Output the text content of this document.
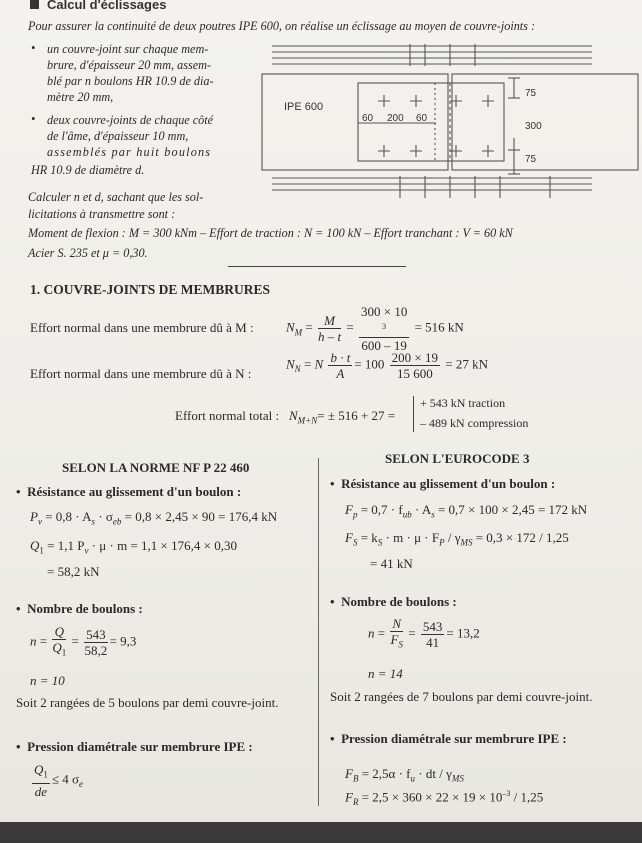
Calcul d'éclissages
Pour assurer la continuité de deux poutres IPE 600, on réalise un éclissage au moyen de couvre-joints :
• un couvre-joint sur chaque mem-
brure, d'épaisseur 20 mm, assem-
blé par n boulons HR 10.9 de dia-
mètre 20 mm,
• deux couvre-joints de chaque côté
de l'âme, d'épaisseur 10 mm,
assemblés par huit boulons
HR 10.9 de diamètre d.
Calculer n et d, sachant que les sol-
licitations à transmettre sont :
Moment de flexion : M = 300 kNm – Effort de traction : N = 100 kN – Effort tranchant : V = 60 kN
Acier S. 235 et μ = 0,30.
IPE 600
60 200 60
75
300
75
1. COUVRE-JOINTS DE MEMBRURES
Effort normal dans une membrure dû à M : $N_M = \frac{M}{h - t} = 300 \times 10$
$^3$
600 – 19 = 516 kN
Effort normal dans une membrure dû à N :
$N_N = N \frac{b \cdot t}{A} = 100 \frac{200 \times 19}{15 600} = 27$ kN
Effort normal total : $N_{M+N}= \pm 516 + 27$ =
+ 543 kN traction
– 489 kN compression
SELON LA NORME NF P 22 460
SELON L'EUROCODE 3
•  Résistance au glissement d'un boulon :
$P_v = 0,8 \cdot A_s \cdot \sigma_{eb} = 0,8 \times 2,45 \times 90 = 176,4$ kN
$Q_1 = 1,1$ $P_v \cdot \mu \cdot m = 1,1 \times 176,4 \times 0,30$
= 58,2 kN
•  Nombre de boulons :
$n = \frac{Q}{Q_1} = \frac{543}{58,2} = 9,3$
n = 10
Soit 2 rangées de 5 boulons par demi couvre-joint.
•  Pression diamétrale sur membrure IPE :
$\frac{Q_1}{de} \le 4$ $\sigma_e$
•  Résistance au glissement d'un boulon :
$F_p = 0,7 \cdot f_{ub} \cdot A_s = 0,7 \times 100 \times 2,45 = 172$ kN
$F_S = k_S \cdot m \cdot \mu \cdot F_P / \gamma_{MS} = 0,3 \times 172 / 1,25$
= 41 kN
•  Nombre de boulons :
$n = \frac{N}{F_S} = \frac{543}{41} = 13,2$
n = 14
Soit 2 rangées de 7 boulons par demi couvre-joint.
•  Pression diamétrale sur membrure IPE :
$F_B = 2,5\alpha \cdot f_u$ · dt / $\gamma_{MS}$
$F_R = 2,5 \times 360 \times 22 \times 19 \times 10^{-3} / 1,25$
